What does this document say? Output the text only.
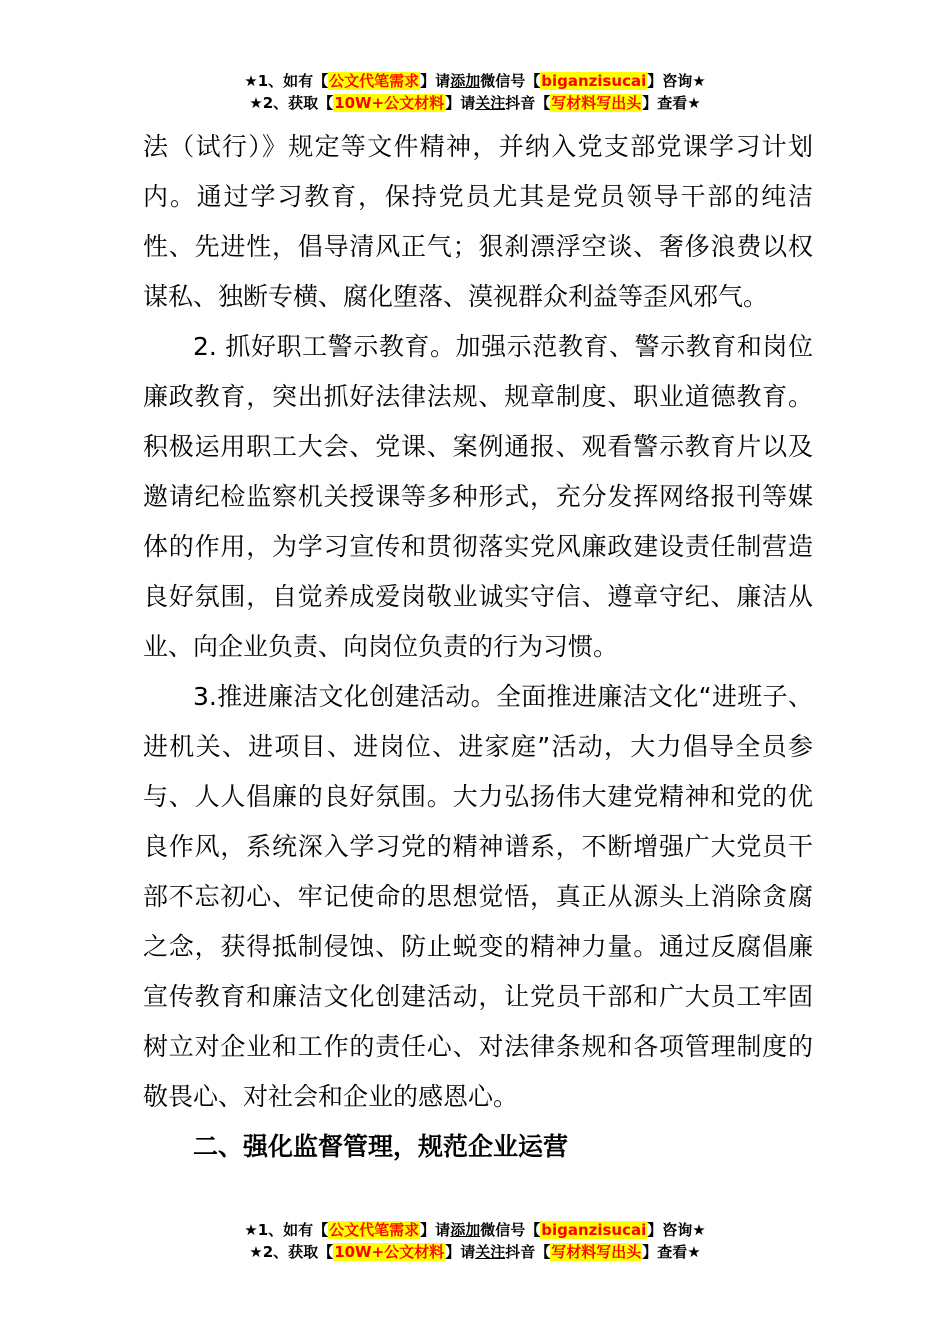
★1、如有【公文代笔需求】请添加微信号【biganzisucai】咨询★
★2、获取【10W+公文材料】请关注抖音【写材料写出头】查看★

法（试行）》规定等文件精神，并纳入党支部党课学习计划内。通过学习教育，保持党员尤其是党员领导干部的纯洁性、先进性，倡导清风正气；狠刹漂浮空谈、奢侈浪费以权谋私、独断专横、腐化堕落、漠视群众利益等歪风邪气。

2. 抓好职工警示教育。加强示范教育、警示教育和岗位廉政教育，突出抓好法律法规、规章制度、职业道德教育。积极运用职工大会、党课、案例通报、观看警示教育片以及邀请纪检监察机关授课等多种形式，充分发挥网络报刊等媒体的作用，为学习宣传和贯彻落实党风廉政建设责任制营造良好氛围，自觉养成爱岗敬业诚实守信、遵章守纪、廉洁从业、向企业负责、向岗位负责的行为习惯。

3.推进廉洁文化创建活动。全面推进廉洁文化“进班子、进机关、进项目、进岗位、进家庭”活动，大力倡导全员参与、人人倡廉的良好氛围。大力弘扬伟大建党精神和党的优良作风，系统深入学习党的精神谱系，不断增强广大党员干部不忘初心、牢记使命的思想觉悟，真正从源头上消除贪腐之念，获得抵制侵蚀、防止蜕变的精神力量。通过反腐倡廉宣传教育和廉洁文化创建活动，让党员干部和广大员工牢固树立对企业和工作的责任心、对法律条规和各项管理制度的敬畏心、对社会和企业的感恩心。

二、强化监督管理，规范企业运营
★1、如有【公文代笔需求】请添加微信号【biganzisucai】咨询★
★2、获取【10W+公文材料】请关注抖音【写材料写出头】查看★
